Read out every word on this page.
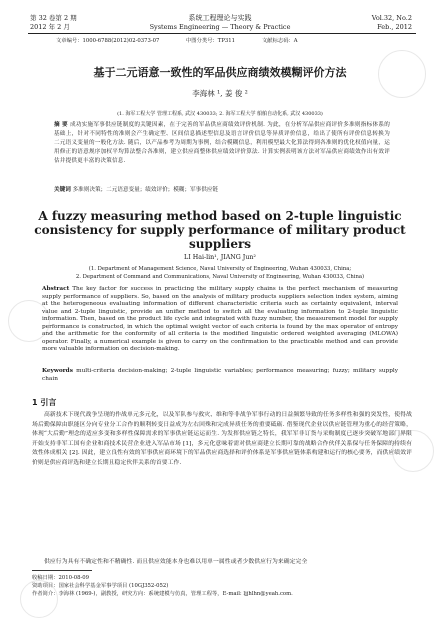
第 32 卷第 2 期	系统工程理论与实践	Vol.32, No.2
2012 年 2 月	Systems Engineering — Theory & Practice	Feb., 2012
文章编号：1000-6788(2012)02-0373-07	中图分类号：TP311	文献标志码：A
基于二元语意一致性的军品供应商绩效模糊评价方法
李海林 ¹, 姜 俊 ²
(1. 海军工程大学 管理工程系, 武汉 430033; 2. 海军工程大学 船舶自动化系, 武汉 430033)
摘 要 成功实施军事供应链制度的关键因素，在于完善的军品供应商绩效评价机制. 为此，在分析军品供应商评价多准则指标体系的基础上，针对不同特性的准则会产生确定型、区间信息描述型信息及语言评价信息等异质评价信息，给出了使所有评价信息转换为二元语义变量的一般化方法. 随后，以产品参考为周期为事例，结合模糊信息，利用模型最大化算法得到各准则的优化权值向量，运用修正的语意规序加权平均算法整合各准则，建立供应商整体供应绩效评价算法. 计算实例表明该方法对军品供应商绩效作出有效评估并提供更丰富的决策信息.
关键词 多准则决策；二元语意变量；绩效评价；模糊；军事供应链
A fuzzy measuring method based on 2-tuple linguistic consistency for supply performance of military product suppliers
LI Hai-lin¹, JIANG Jun²
(1. Department of Management Science, Naval University of Engineering, Wuhan 430033, China;
2. Department of Command and Communications, Naval University of Engineering, Wuhan 430033, China)
Abstract The key factor for success in practicing the military supply chains is the perfect mechanism of measuring supply performance of suppliers. So, based on the analysis of military products suppliers selection index system, aiming at the heterogeneous evaluating information of different characteristic criteria such as certainty equivalent, interval value and 2-tuple linguistic, provide an unifier method to switch all the evaluating information to 2-tuple linguistic information. Then, based on the product life cycle and integrated with fuzzy number, the measurement model for supply performance is constructed, in which the optimal weight vector of each criteria is found by the max operator of entropy and the arithmetic for the conformity of all criteria is the modified linguistic ordered weighted averaging (MLOWA) operator. Finally, a numerical example is given to carry on the confirmation to the practicable method and can provide more valuable information on decision-making.
Keywords multi-criteria decision-making; 2-tuple linguistic variables; performance measuring; fuzzy; military supply chain
1 引言
高新技术下现代战争呈现的作战单元多元化，以及军队参与救灾、维和等非战争军事行动的日益频繁导致的任务多样性和强的突发性，使得战场后勤保障由职能区分向专业分工合作的顺利转变日益成为左右回殊和完成异质任务的重要砥砺. 借鉴现代企业以供应链管理为重心的经营策略，体现“大后勤”理念的适应多变和多样性保障需求的军事供应链运运而生. 为发挥供应链之特长，我军军非订货与采购制度已逐步突破军地部门界限开始支持非军工国有企业和商技术民营企业进入军品市场 [1]，多元化意味着需对供应商建立长期可靠的战略合作伙伴关系保与任务保障的持续有效性体成相关 [2]. 因此，建立良性有效的军事供应商环境下的军品供应商选择和评价体系是军事供应链体系构建和运行的核心要务，而供应绩效评价则是供应商评选和建立长期且稳定伙伴关系的首要工作.
供应行为具有不确定性和不精确性. 而且供应效能本身也难以用单一属性或者少数供应行为来确定完全
收稿日期：2010-08-09
资助项目：国家社会科学基金军事学项目 (10GJ352-052)
作者简介：李海林 (1969-)，副教授，研究方向：系统建模与仿真，管理工程等，E-mail: ljjhlhn@yeah.com.
